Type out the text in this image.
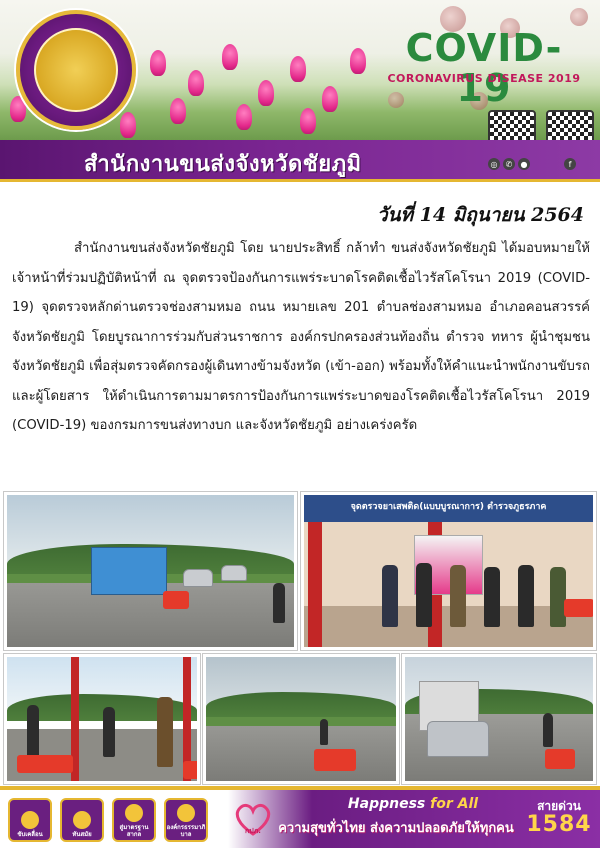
COVID-19
CORONAVIRUS DISEASE 2019
สำนักงานขนส่งจังหวัดชัยภูมิ	◎	✆	●	f
วันที่ 14 มิถุนายน 2564

สำนักงานขนส่งจังหวัดชัยภูมิ โดย นายประสิทธิ์ กล้าทำ ขนส่งจังหวัดชัยภูมิ ได้มอบหมายให้เจ้าหน้าที่ร่วมปฏิบัติหน้าที่ ณ จุดตรวจป้องกันการแพร่ระบาดโรคติดเชื้อไวรัสโคโรนา 2019 (COVID-19) จุดตรวจหลักด่านตรวจช่องสามหมอ ถนน หมายเลข 201 ตำบลช่องสามหมอ อำเภอคอนสวรรค์ จังหวัดชัยภูมิ โดยบูรณาการร่วมกับส่วนราชการ องค์กรปกครองส่วนท้องถิ่น ตำรวจ ทหาร ผู้นำชุมชน จังหวัดชัยภูมิ เพื่อสุ่มตรวจคัดกรองผู้เดินทางข้ามจังหวัด (เข้า-ออก) พร้อมทั้งให้คำแนะนำพนักงานขับรถและผู้โดยสาร ให้ดำเนินการตามมาตรการป้องกันการแพร่ระบาดของโรคติดเชื้อไวรัสโคโรนา 2019 (COVID-19) ของกรมการขนส่งทางบก และจังหวัดชัยภูมิ อย่างเคร่งครัด

จุดตรวจยาเสพติด(แบบบูรณาการ) ตำรวจภูธรภาค
ขับเคลื่อน	ทันสมัย
สู่มาตรฐานสากล
องค์กรธรรมาภิบาล	กปภ.
Happness for All
ความสุขทั่วไทย ส่งความปลอดภัยให้ทุกคน
สายด่วน
1584
